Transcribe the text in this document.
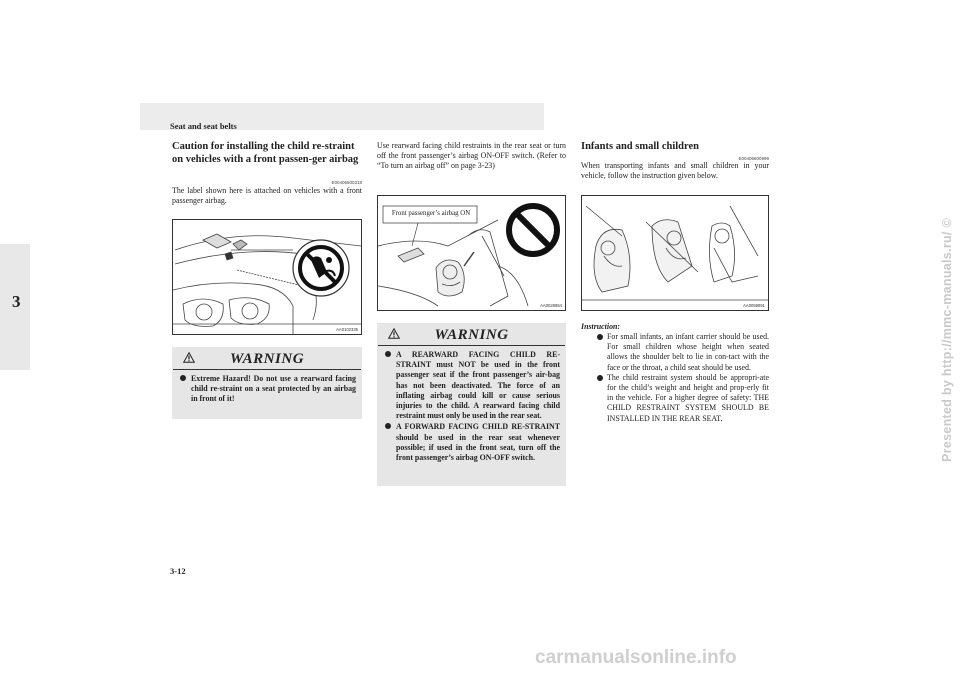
Seat and seat belts
3
3-12
Presented by http://mmc-manuals.ru/ ©
carmanualsonline.info
Caution for installing the child re-straint on vehicles with a front passen-ger airbag
E00406500318
The label shown here is attached on vehicles with a front passenger airbag.
AA0102335
WARNING
Extreme Hazard! Do not use a rearward facing child re-straint on a seat protected by an airbag in front of it!
Use rearward facing child restraints in the rear seat or turn off the front passenger’s airbag ON-OFF switch. (Refer to “To turn an airbag off” on page 3-23)
Front passenger’s airbag ON
AA0028954
WARNING
A REARWARD FACING CHILD RE-STRAINT must NOT be used in the front passenger seat if the front passenger’s air-bag has not been deactivated. The force of an inflating airbag could kill or cause serious injuries to the child. A rearward facing child restraint must only be used in the rear seat.
A FORWARD FACING CHILD RE-STRAINT should be used in the rear seat whenever possible; if used in the front seat, turn off the front passenger’s airbag ON-OFF switch.
Infants and small children
E00406600999
When transporting infants and small children in your vehicle, follow the instruction given below.
AA0059891
Instruction:
For small infants, an infant carrier should be used. For small children whose height when seated allows the shoulder belt to lie in con-tact with the face or the throat, a child seat should be used.
The child restraint system should be appropri-ate for the child’s weight and height and prop-erly fit in the vehicle. For a higher degree of safety: THE CHILD RESTRAINT SYSTEM SHOULD BE INSTALLED IN THE REAR SEAT.
